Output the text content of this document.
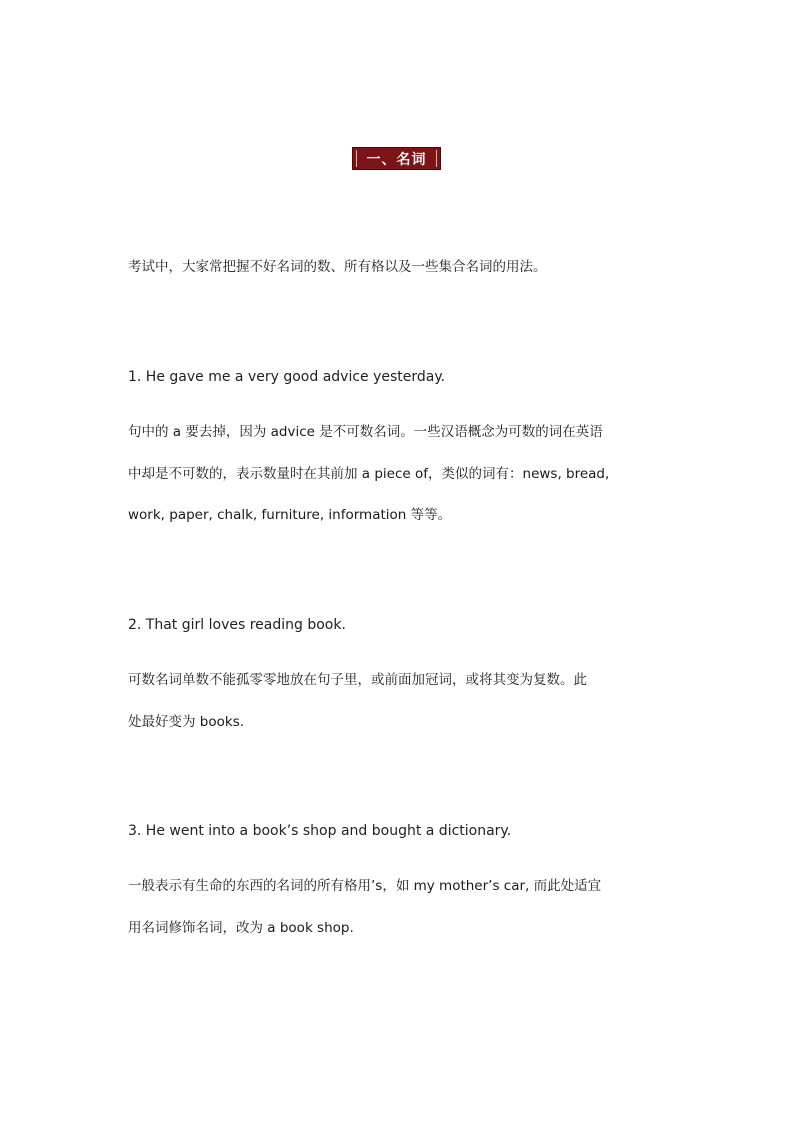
一、名词
考试中，大家常把握不好名词的数、所有格以及一些集合名词的用法。
1. He gave me a very good advice yesterday.
句中的 a 要去掉，因为 advice 是不可数名词。一些汉语概念为可数的词在英语
中却是不可数的，表示数量时在其前加 a piece of，类似的词有：news, bread,
work, paper, chalk, furniture, information 等等。
2. That girl loves reading book.
可数名词单数不能孤零零地放在句子里，或前面加冠词，或将其变为复数。此
处最好变为 books.
3. He went into a book’s shop and bought a dictionary.
一般表示有生命的东西的名词的所有格用’s，如 my mother’s car, 而此处适宜
用名词修饰名词，改为 a book shop.
